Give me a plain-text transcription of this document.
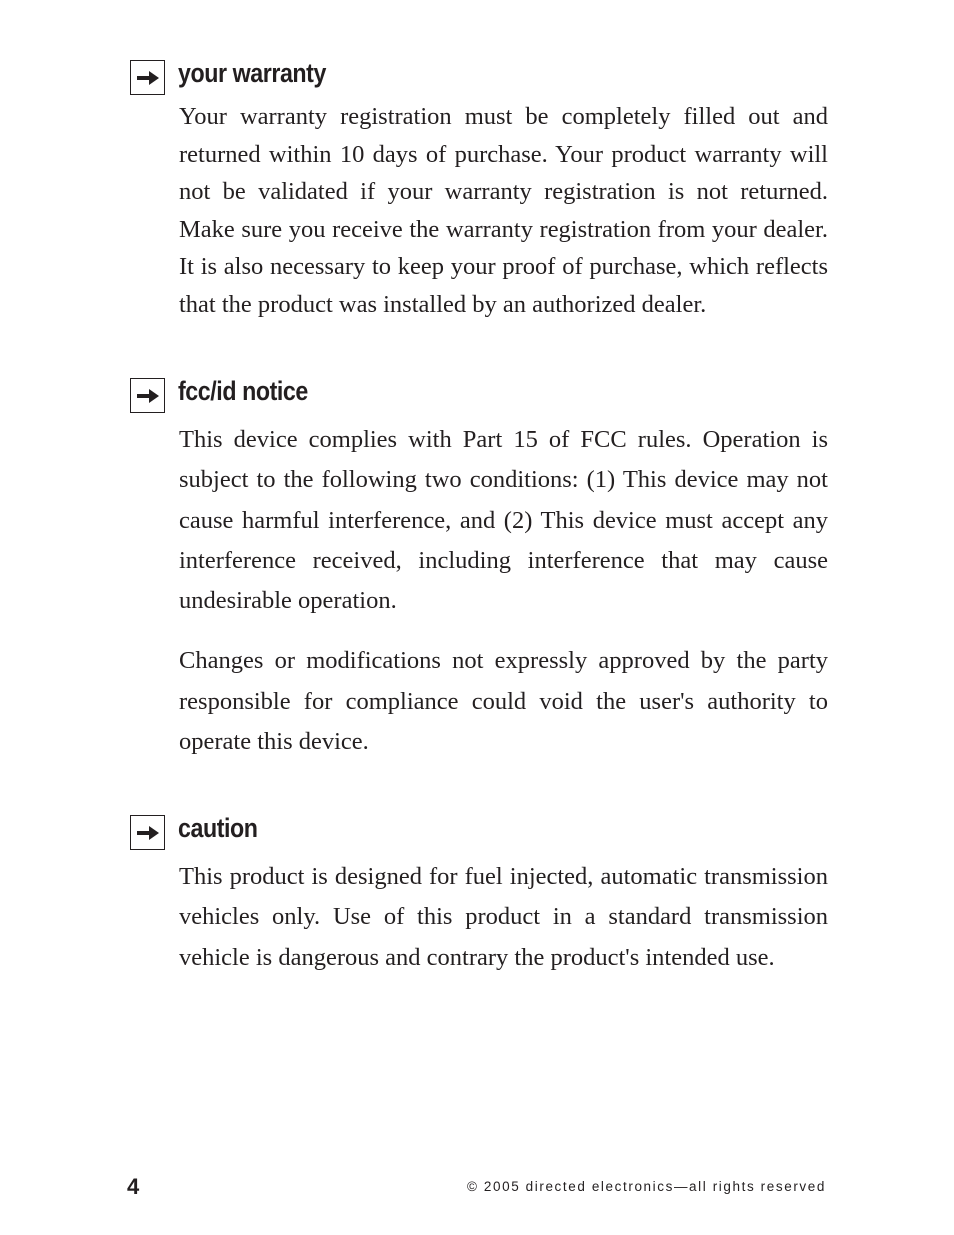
your warranty

Your warranty registration must be completely filled out and returned within 10 days of purchase. Your product warranty will not be validated if your warranty registration is not returned. Make sure you receive the warranty registration from your dealer. It is also necessary to keep your proof of purchase, which reflects that the product was installed by an authorized dealer.

fcc/id notice

This device complies with Part 15 of FCC rules. Operation is subject to the following two conditions: (1) This device may not cause harmful interference, and (2) This device must accept any interference received, including interference that may cause undesirable operation.

Changes or modifications not expressly approved by the party responsible for compliance could void the user's authority to operate this device.

caution

This product is designed for fuel injected, automatic transmission vehicles only. Use of this product in a standard transmission vehicle is dangerous and contrary the product's intended use.

4	© 2005 directed electronics—all rights reserved
